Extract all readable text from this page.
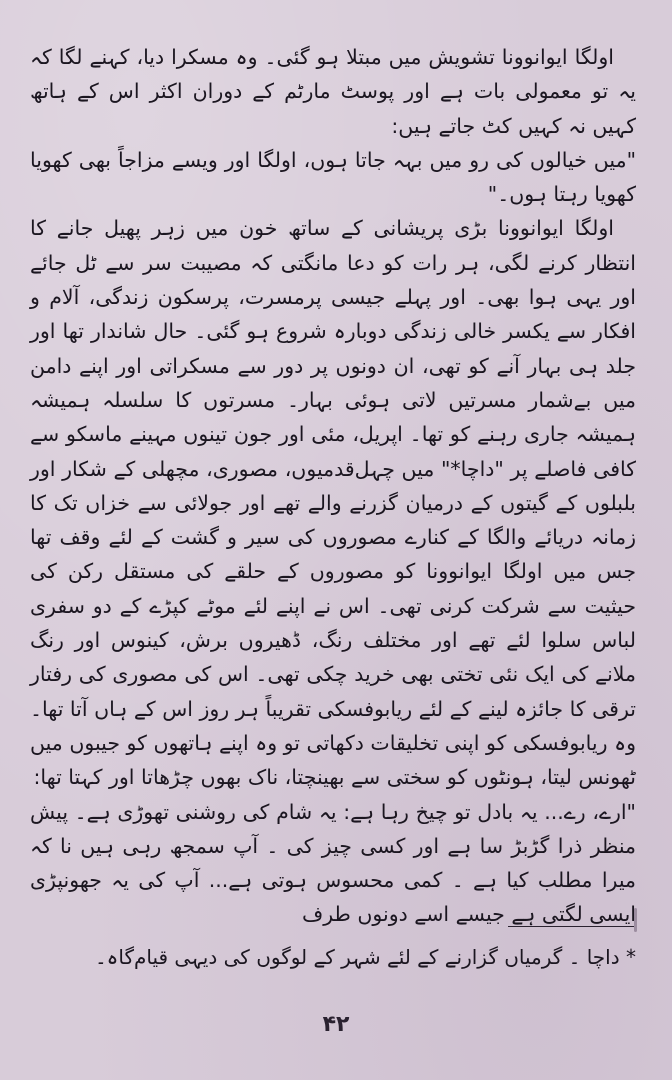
اولگا ایوانوونا تشویش میں مبتلا ہو گئی۔ وہ مسکرا دیا، کہنے لگا کہ یہ تو معمولی بات ہے اور پوسٹ مارٹم کے دوران اکثر اس کے ہاتھ کہیں نہ کہیں کٹ جاتے ہیں:

"میں خیالوں کی رو میں بہہ جاتا ہوں، اولگا اور ویسے مزاجاً بھی کھویا کھویا رہتا ہوں۔"

اولگا ایوانوونا بڑی پریشانی کے ساتھ خون میں زہر پھیل جانے کا انتظار کرنے لگی، ہر رات کو دعا مانگتی کہ مصیبت سر سے ٹل جائے اور یہی ہوا بھی۔ اور پہلے جیسی پرمسرت، پرسکون زندگی، آلام و افکار سے یکسر خالی زندگی دوبارہ شروع ہو گئی۔ حال شاندار تھا اور جلد ہی بہار آنے کو تھی، ان دونوں پر دور سے مسکراتی اور اپنے دامن میں بےشمار مسرتیں لاتی ہوئی بہار۔ مسرتوں کا سلسلہ ہمیشہ ہمیشہ جاری رہنے کو تھا۔ اپریل، مئی اور جون تینوں مہینے ماسکو سے کافی فاصلے پر "داچا*" میں چہل‌قدمیوں، مصوری، مچھلی کے شکار اور بلبلوں کے گیتوں کے درمیان گزرنے والے تھے اور جولائی سے خزاں تک کا زمانہ دریائے والگا کے کنارے مصوروں کی سیر و گشت کے لئے وقف تھا جس میں اولگا ایوانوونا کو مصوروں کے حلقے کی مستقل رکن کی حیثیت سے شرکت کرنی تھی۔ اس نے اپنے لئے موٹے کپڑے کے دو سفری لباس سلوا لئے تھے اور مختلف رنگ، ڈھیروں برش، کینوس اور رنگ ملانے کی ایک نئی تختی بھی خرید چکی تھی۔ اس کی مصوری کی رفتار ترقی کا جائزہ لینے کے لئے ریابوفسکی تقریباً ہر روز اس کے ہاں آتا تھا۔ وہ ریابوفسکی کو اپنی تخلیقات دکھاتی تو وہ اپنے ہاتھوں کو جیبوں میں ٹھونس لیتا، ہونٹوں کو سختی سے بھینچتا، ناک بھوں چڑھاتا اور کہتا تھا:

"ارے، رے... یہ بادل تو چیخ رہا ہے: یہ شام کی روشنی تھوڑی ہے۔ پیش منظر ذرا گڑبڑ سا ہے اور کسی چیز کی ۔ آپ سمجھ رہی ہیں نا کہ میرا مطلب کیا ہے ۔ کمی محسوس ہوتی ہے... آپ کی یہ جھونپڑی ایسی لگتی ہے جیسے اسے دونوں طرف

* داچا ۔ گرمیاں گزارنے کے لئے شہر کے لوگوں کی دیہی قیام‌گاہ۔

۴۲
